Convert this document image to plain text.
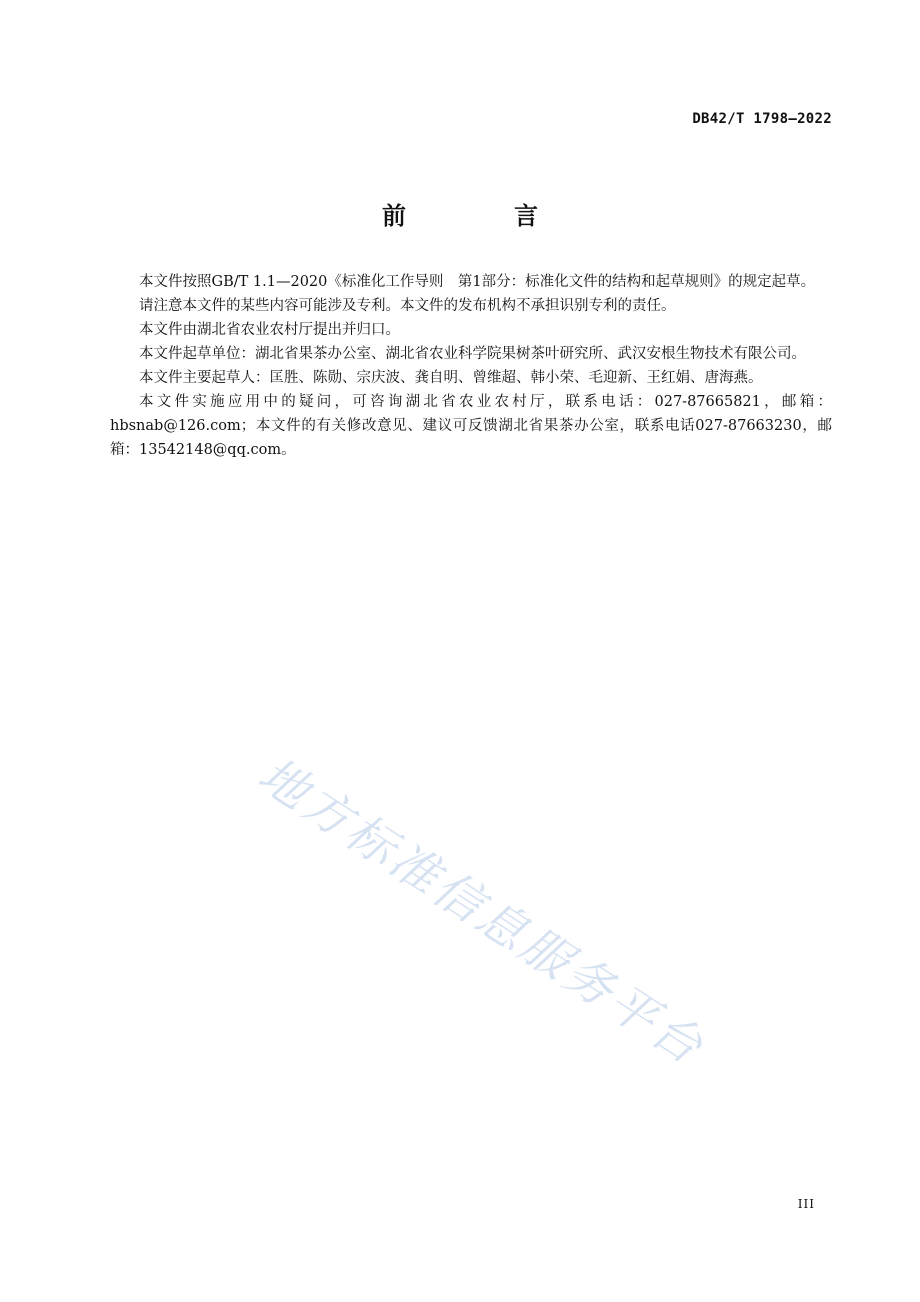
DB42/T 1798—2022
前　言

本文件按照GB/T 1.1—2020《标准化工作导则　第1部分：标准化文件的结构和起草规则》的规定起草。

请注意本文件的某些内容可能涉及专利。本文件的发布机构不承担识别专利的责任。

本文件由湖北省农业农村厅提出并归口。

本文件起草单位：湖北省果茶办公室、湖北省农业科学院果树茶叶研究所、武汉安根生物技术有限公司。

本文件主要起草人：匡胜、陈勋、宗庆波、龚自明、曾维超、韩小荣、毛迎新、王红娟、唐海燕。

本文件实施应用中的疑问，可咨询湖北省农业农村厅，联系电话：027-87665821，邮箱：hbsnab@126.com；本文件的有关修改意见、建议可反馈湖北省果茶办公室，联系电话027-87663230，邮箱：13542148@qq.com。

地方标准信息服务平台
III
